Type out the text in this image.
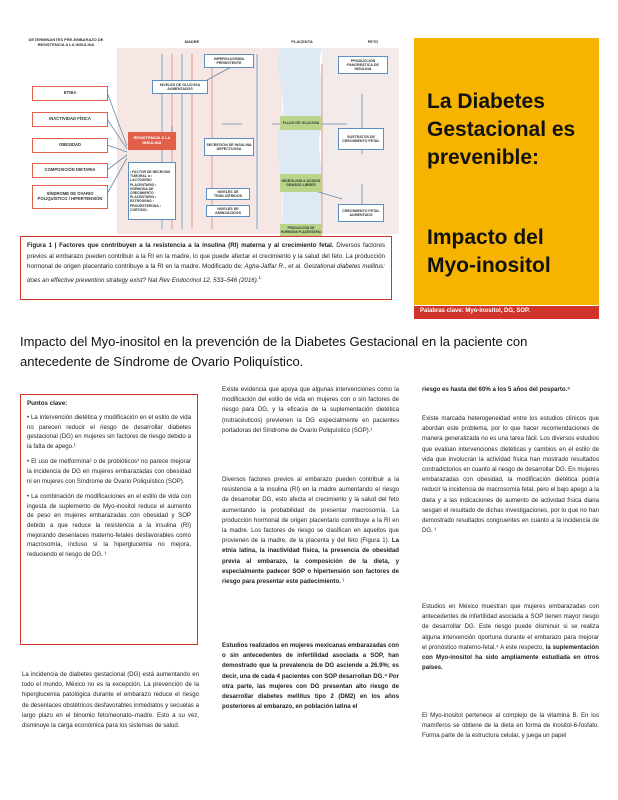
DETERMINANTES PRE-EMBARAZO DE RESISTENCIA A LA INSULINA
MADRE	PLACENTA	FETO
ETNIA
INACTIVIDAD FÍSICA
OBESIDAD
COMPOSICIÓN DIETARIA
SÍNDROME DE OVARIO POLIQUÍSTICO / HIPERTENSIÓN
RESISTENCIA A LA INSULINA
• FACTOR DE NECROSIS TUMORAL α • LACTÓGENO PLACENTARIO • HORMONA DE CRECIMIENTO PLACENTARIO • ESTRÓGENO • PROGESTERONA • CORTISOL
NIVELES DE GLUCOSA AUMENTADOS
HIPERGLUCEMIA PERSISTENTE
SECRECIÓN DE INSULINA DEFECTUOSA
NIVELES DE TRIGLICÉRIDOS
NIVELES DE AMINOÁCIDOS
FLUJO DE GLUCOSA
HIDRÓLISIS A ÁCIDOS GRASOS LIBRES
PRODUCCIÓN DE HORMONA PLACENTARIA
PRODUCCIÓN PANCREÁTICA DE INSULINA
SUSTRATOS DE CRECIMIENTO FETAL
CRECIMIENTO FETAL AUMENTADO
Figura 1 | Factores que contribuyen a la resistencia a la insulina (RI) materna y al crecimiento fetal. Diversos factores previos al embarazo pueden contribuir a la RI en la madre, lo que puede afectar el crecimiento y la salud del feto. La producción hormonal de origen placentario contribuye a la RI en la madre. Modificado de: Agha-Jaffar R., et al. Gestational diabetes mellitus: does an effective prevention strategy exist? Nat Rev Endocrinol 12, 533–546 (2016).$^1$
La Diabetes Gestacional es prevenible:
Impacto del Myo-inositol
Palabras clave: Myo-inositol, DG, SOP.
Impacto del Myo-inositol en la prevención de la Diabetes Gestacional en la paciente con antecedente de Síndrome de Ovario Poliquístico.
Puntos clave:

• La intervención dietética y modificación en el estilo de vida no parecen reducir el riesgo de desarrollar diabetes gestacional (DG) en mujeres sin factores de riesgo debido a la falta de apego.¹

• El uso de metformina² o de probióticos³ no parece mejorar la incidencia de DG en mujeres embarazadas con obesidad ni en mujeres con Síndrome de Ovario Poliquístico (SOP).

• La combinación de modificaciones en el estilo de vida con ingesta de suplemento de Myo-inositol reduce el aumento de peso en mujeres embarazadas con obesidad y SOP debido a que reduce la resistencia a la insulina (RI) mejorando desenlaces materno-fetales desfavorables como macrosomía, incluso si la hiperglucemia no mejora, reduciendo el riesgo de DG. ¹

La incidencia de diabetes gestacional (DG) está aumentando en todo el mundo, México no es la excepción. La prevención de la hiperglucemia patológica durante el embarazo reduce el riesgo de desenlaces obstétricos desfavorables inmediatos y secuelas a largo plazo en el binomio feto/neonato–madre. Esto a su vez, disminuye la carga económica para los sistemas de salud.
Existe evidencia que apoya que algunas intervenciones como la modificación del estilo de vida en mujeres con o sin factores de riesgo para DG, y la eficacia de la suplementación dietética (nutracéuticos) previenen la DG especialmente en pacientes portadoras del Síndrome de Ovario Poliquístico (SOP).¹
Diversos factores previos al embarazo pueden contribuir a la resistencia a la insulina (RI) en la madre aumentando el riesgo de desarrollar DG, esto afecta el crecimiento y la salud del feto aumentando la probabilidad de presentar macrosomía. La producción hormonal de origen placentario contribuye a la RI en la madre. Los factores de riesgo se clasifican en aquellos que provienen de la madre, de la placenta y del feto (Figura 1). La etnia latina, la inactividad física, la presencia de obesidad previa al embarazo, la composición de la dieta, y especialmente padecer SOP o hipertensión son factores de riesgo para presentar este padecimiento. ¹
Estudios realizados en mujeres mexicanas embarazadas con o sin antecedentes de infertilidad asociada a SOP, han demostrado que la prevalencia de DG asciende a 26.9%; es decir, una de cada 4 pacientes con SOP desarrollan DG.⁴ Por otra parte, las mujeres con DG presentan alto riesgo de desarrollar diabetes mellitus tipo 2 (DM2) en los años posteriores al embarazo, en población latina el
riesgo es hasta del 60% a los 5 años del posparto.⁵
Existe marcada heterogeneidad entre los estudios clínicos que abordan este problema, por lo que hacer recomendaciones de manera generalizada no es una tarea fácil. Los diversos estudios que evalúan intervenciones dietéticas y cambios en el estilo de vida que involucran la actividad física han mostrado resultados contradictorios en cuanto al riesgo de desarrollar DG. En mujeres embarazadas con obesidad, la modificación dietética podría reducir la incidencia de macrosomía fetal, pero el bajo apego a la dieta y a las indicaciones de aumento de actividad física diaria sesgan el resultado de dichas investigaciones, por lo que no han demostrado resultados congruentes en cuanto a la incidencia de DG. ¹
Estudios en México muestran que mujeres embarazadas con antecedentes de infertilidad asociada a SOP tienen mayor riesgo de desarrollar DG. Este riesgo puede disminuir si se realiza alguna intervención oportuna durante el embarazo para mejorar el pronóstico materno-fetal.⁴ A este respecto, la suplementación con Myo-inositol ha sido ampliamente estudiada en otros países.
El Myo-inositol pertenece al complejo de la vitamina B. En los mamíferos se obtiene de la dieta en forma de inositol-6-fosfato. Forma parte de la estructura celular, y juega un papel
